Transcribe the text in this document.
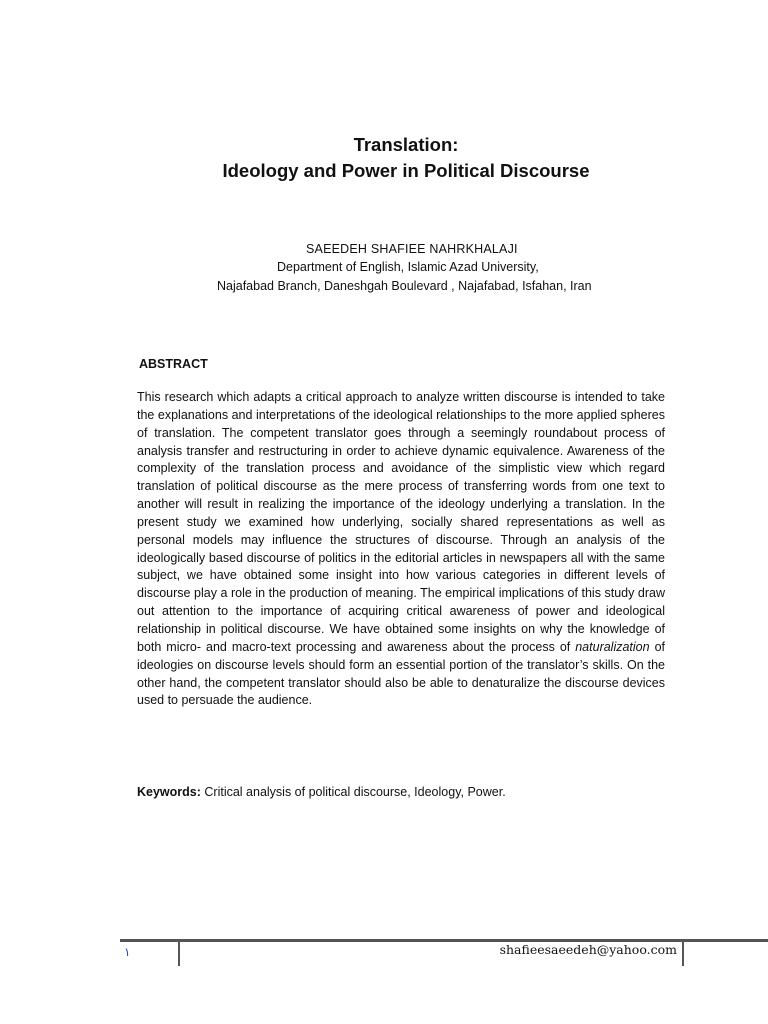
Translation:
Ideology and Power in Political Discourse
SAEEDEH SHAFIEE NAHRKHALAJI
Department of English, Islamic Azad University,
Najafabad Branch, Daneshgah Boulevard , Najafabad, Isfahan, Iran
ABSTRACT
This research which adapts a critical approach to analyze written discourse is intended to take the explanations and interpretations of the ideological relationships to the more applied spheres of translation. The competent translator goes through a seemingly roundabout process of analysis transfer and restructuring in order to achieve dynamic equivalence. Awareness of the complexity of the translation process and avoidance of the simplistic view which regard translation of political discourse as the mere process of transferring words from one text to another will result in realizing the importance of the ideology underlying a translation. In the present study we examined how underlying, socially shared representations as well as personal models may influence the structures of discourse. Through an analysis of the ideologically based discourse of politics in the editorial articles in newspapers all with the same subject, we have obtained some insight into how various categories in different levels of discourse play a role in the production of meaning. The empirical implications of this study draw out attention to the importance of acquiring critical awareness of power and ideological relationship in political discourse. We have obtained some insights on why the knowledge of both micro- and macro-text processing and awareness about the process of naturalization of ideologies on discourse levels should form an essential portion of the translator’s skills. On the other hand, the competent translator should also be able to denaturalize the discourse devices used to persuade the audience.
Keywords: Critical analysis of political discourse, Ideology, Power.
١	shafieesaeedeh@yahoo.com
